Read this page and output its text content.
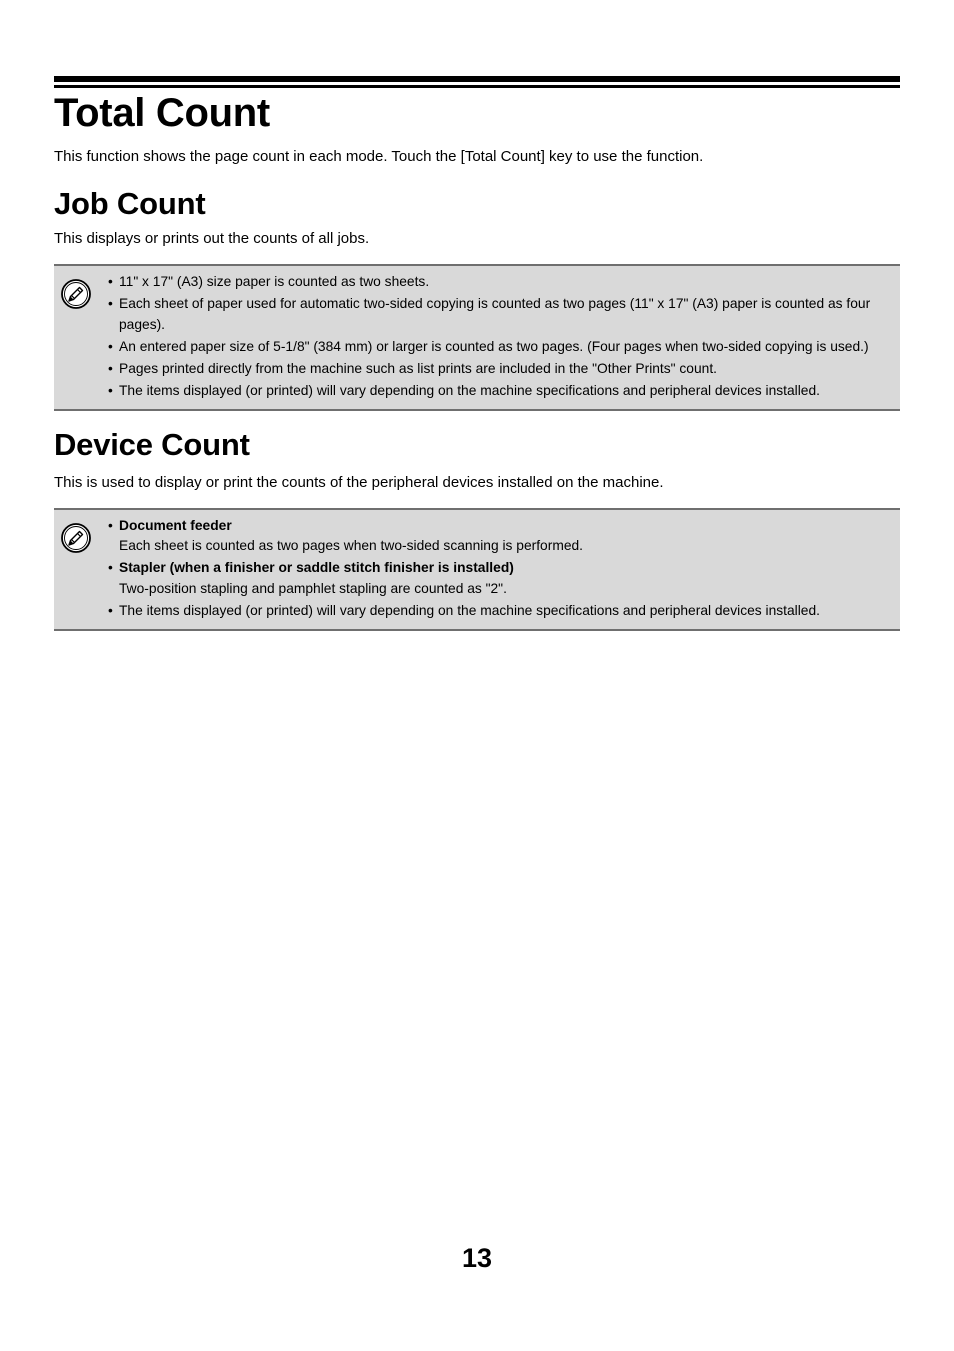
Total Count

This function shows the page count in each mode. Touch the [Total Count] key to use the function.

Job Count

This displays or prints out the counts of all jobs.

• 11" x 17" (A3) size paper is counted as two sheets.
• Each sheet of paper used for automatic two-sided copying is counted as two pages (11" x 17" (A3) paper is counted as four pages).
• An entered paper size of 5-1/8" (384 mm) or larger is counted as two pages. (Four pages when two-sided copying is used.)
• Pages printed directly from the machine such as list prints are included in the "Other Prints" count.
• The items displayed (or printed) will vary depending on the machine specifications and peripheral devices installed.
Device Count

This is used to display or print the counts of the peripheral devices installed on the machine.

• Document feeder
Each sheet is counted as two pages when two-sided scanning is performed.
• Stapler (when a finisher or saddle stitch finisher is installed)
Two-position stapling and pamphlet stapling are counted as "2".
• The items displayed (or printed) will vary depending on the machine specifications and peripheral devices installed.
13
